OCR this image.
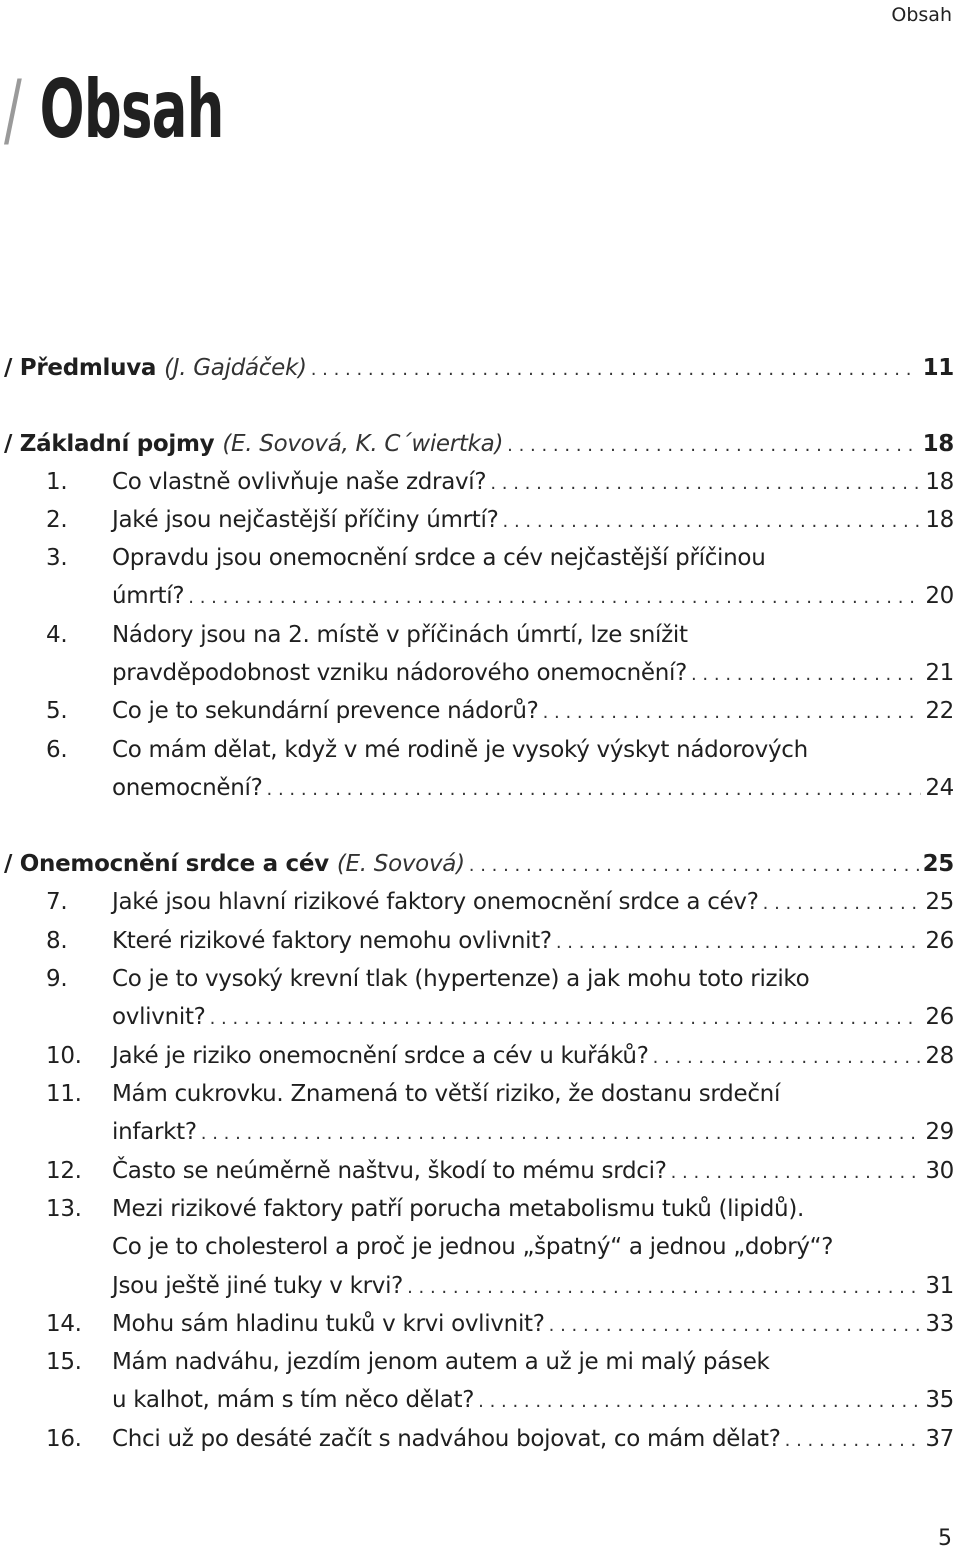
Obsah
/ Obsah
/ Předmluva (J. Gajdáček) . . .	11
/ Základní pojmy (E. Sovová, K. C´wiertka) . . .	18
1.	Co vlastně ovlivňuje naše zdraví? . . .	18
2.	Jaké jsou nejčastější příčiny úmrtí? . . .	18
3.	Opravdu jsou onemocnění srdce a cév nejčastější příčinou
úmrtí? . . .	20
4.	Nádory jsou na 2. místě v příčinách úmrtí, lze snížit
pravděpodobnost vzniku nádorového onemocnění? . . .	21
5.	Co je to sekundární prevence nádorů? . . .	22
6.	Co mám dělat, když v mé rodině je vysoký výskyt nádorových
onemocnění? . . .	24
/ Onemocnění srdce a cév (E. Sovová) . . .	25
7.	Jaké jsou hlavní rizikové faktory onemocnění srdce a cév? . . .	25
8.	Které rizikové faktory nemohu ovlivnit? . . .	26
9.	Co je to vysoký krevní tlak (hypertenze) a jak mohu toto riziko
ovlivnit? . . .	26
10.	Jaké je riziko onemocnění srdce a cév u kuřáků? . . .	28
11.	Mám cukrovku. Znamená to větší riziko, že dostanu srdeční
infarkt? . . .	29
12.	Často se neúměrně naštvu, škodí to mému srdci? . . .	30
13.	Mezi rizikové faktory patří porucha metabolismu tuků (lipidů).
Co je to cholesterol a proč je jednou „špatný“ a jednou „dobrý“?
Jsou ještě jiné tuky v krvi? . . .	31
14.	Mohu sám hladinu tuků v krvi ovlivnit? . . .	33
15.	Mám nadváhu, jezdím jenom autem a už je mi malý pásek
u kalhot, mám s tím něco dělat? . . .	35
16.	Chci už po desáté začít s nadváhou bojovat, co mám dělat? . . .	37
5
